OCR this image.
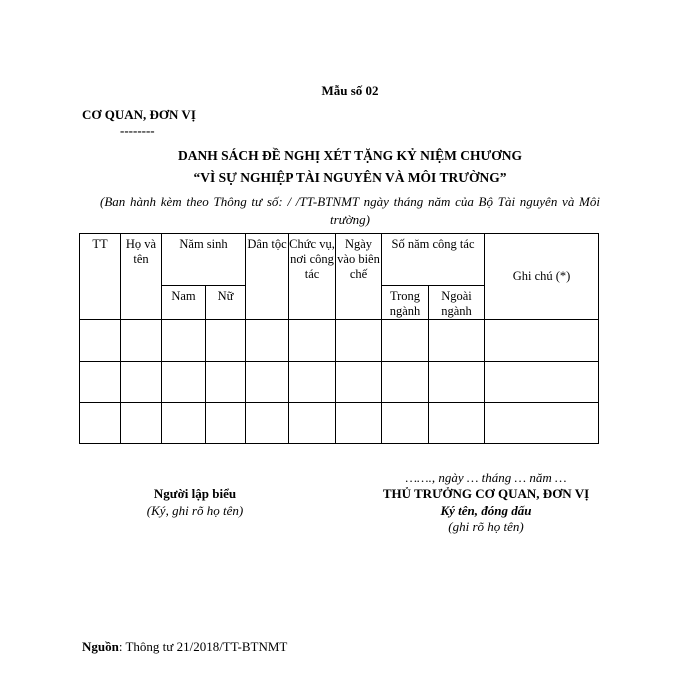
Mẫu số 02
CƠ QUAN, ĐƠN VỊ
--------
DANH SÁCH ĐỀ NGHỊ XÉT TẶNG KỶ NIỆM CHƯƠNG
“VÌ SỰ NGHIỆP TÀI NGUYÊN VÀ MÔI TRƯỜNG”
(Ban hành kèm theo Thông tư số: / /TT-BTNMT ngày tháng năm của Bộ Tài nguyên và Môi trường)
TT	Họ và tên	Năm sinh		Dân tộc	Chức vụ, nơi công tác	Ngày vào biên chế	Số năm công tác		Ghi chú (*)
		Nam	Nữ				Trong ngành	Ngoài ngành	

……., ngày … tháng … năm …
Người lập biểu
(Ký, ghi rõ họ tên)
THỦ TRƯỞNG CƠ QUAN, ĐƠN VỊ
Ký tên, đóng dấu
(ghi rõ họ tên)
Nguồn: Thông tư 21/2018/TT-BTNMT
